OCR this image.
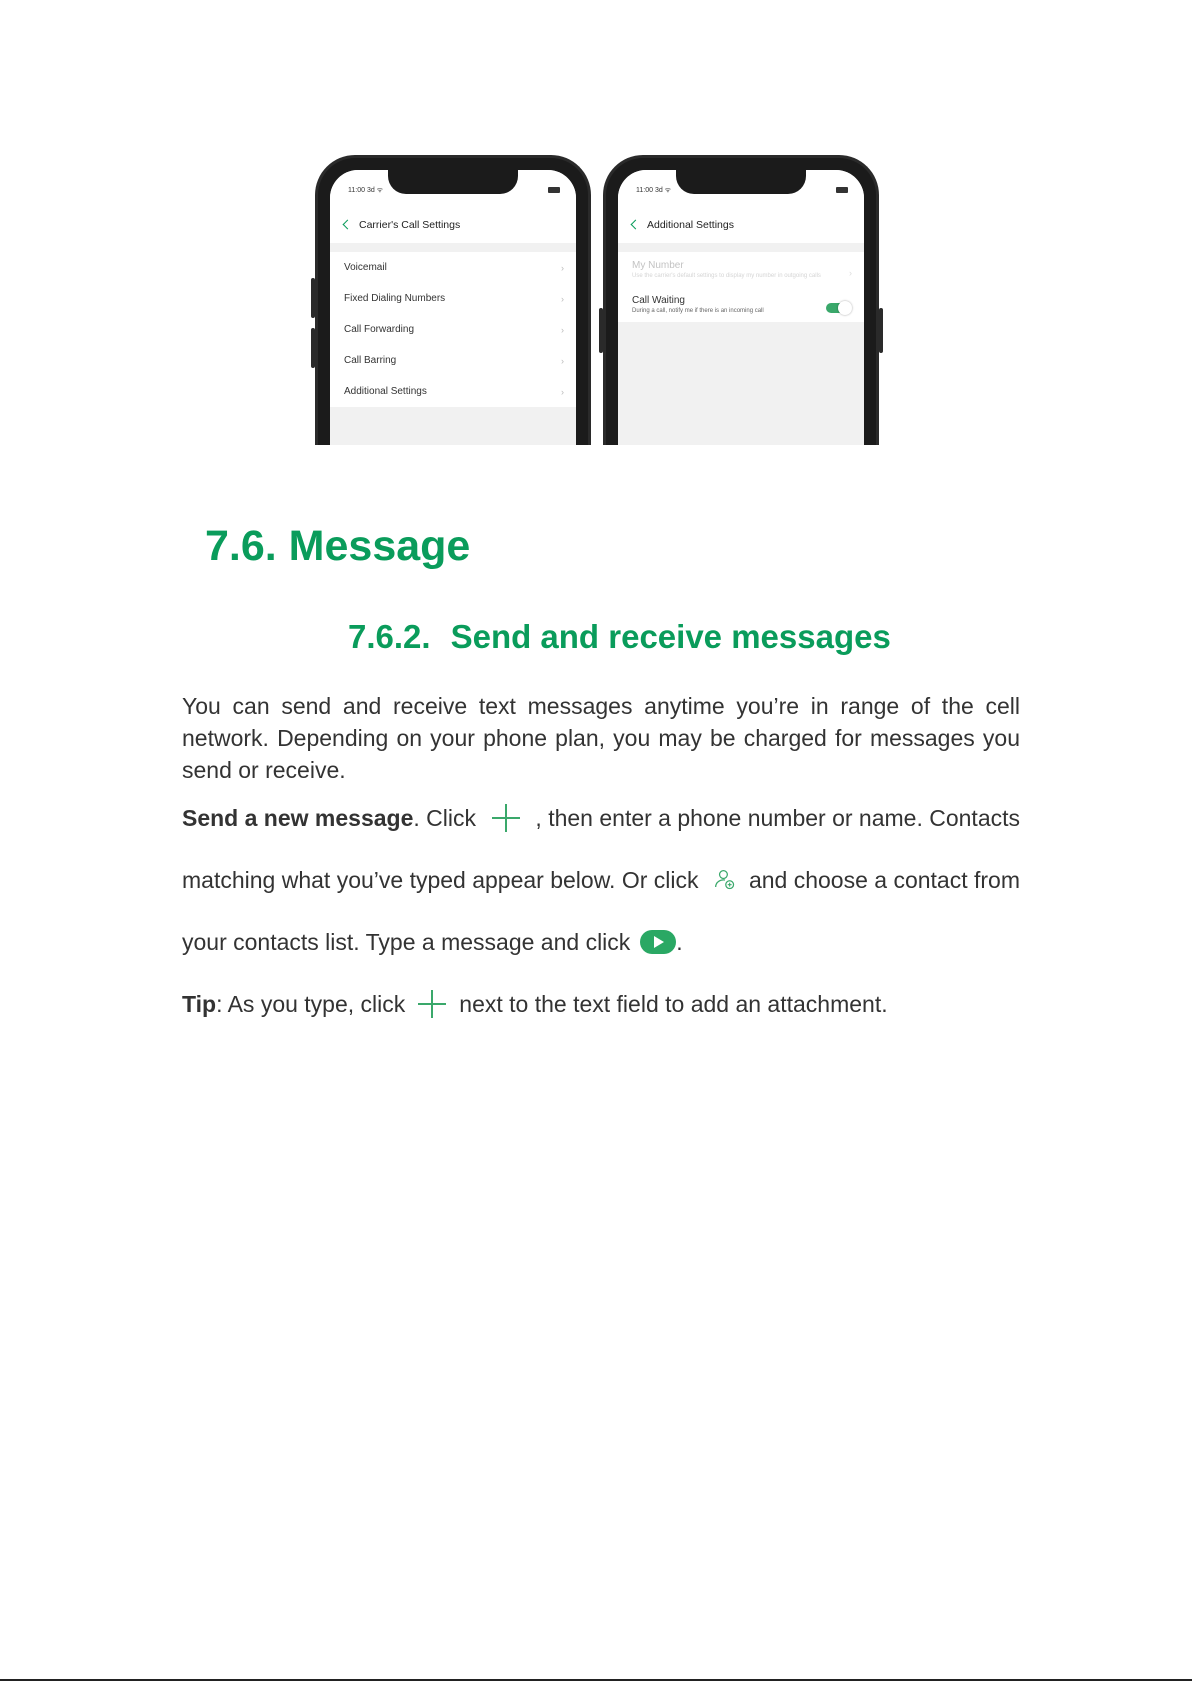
Carrier's Call Settings
11:00 3d ᯤ
Voicemail	›
Fixed Dialing Numbers	›
Call Forwarding	›
Call Barring	›
Additional Settings	›
Additional Settings
11:00 3d ᯤ
My Number
Use the carrier's default settings to display my number in outgoing calls	›
Call Waiting
During a call, notify me if there is an incoming call
7.6. Message
7.6.2. Send and receive messages

You can send and receive text messages anytime you’re in range of the cell network. Depending on your phone plan, you may be charged for messages you send or receive.

Send a new message. Click	, then enter a phone number or name. Contacts
matching what you’ve typed appear below. Or click and choose a contact from
your contacts list. Type a message and click .
Tip : As you type, click next to the text field to add an attachment.
